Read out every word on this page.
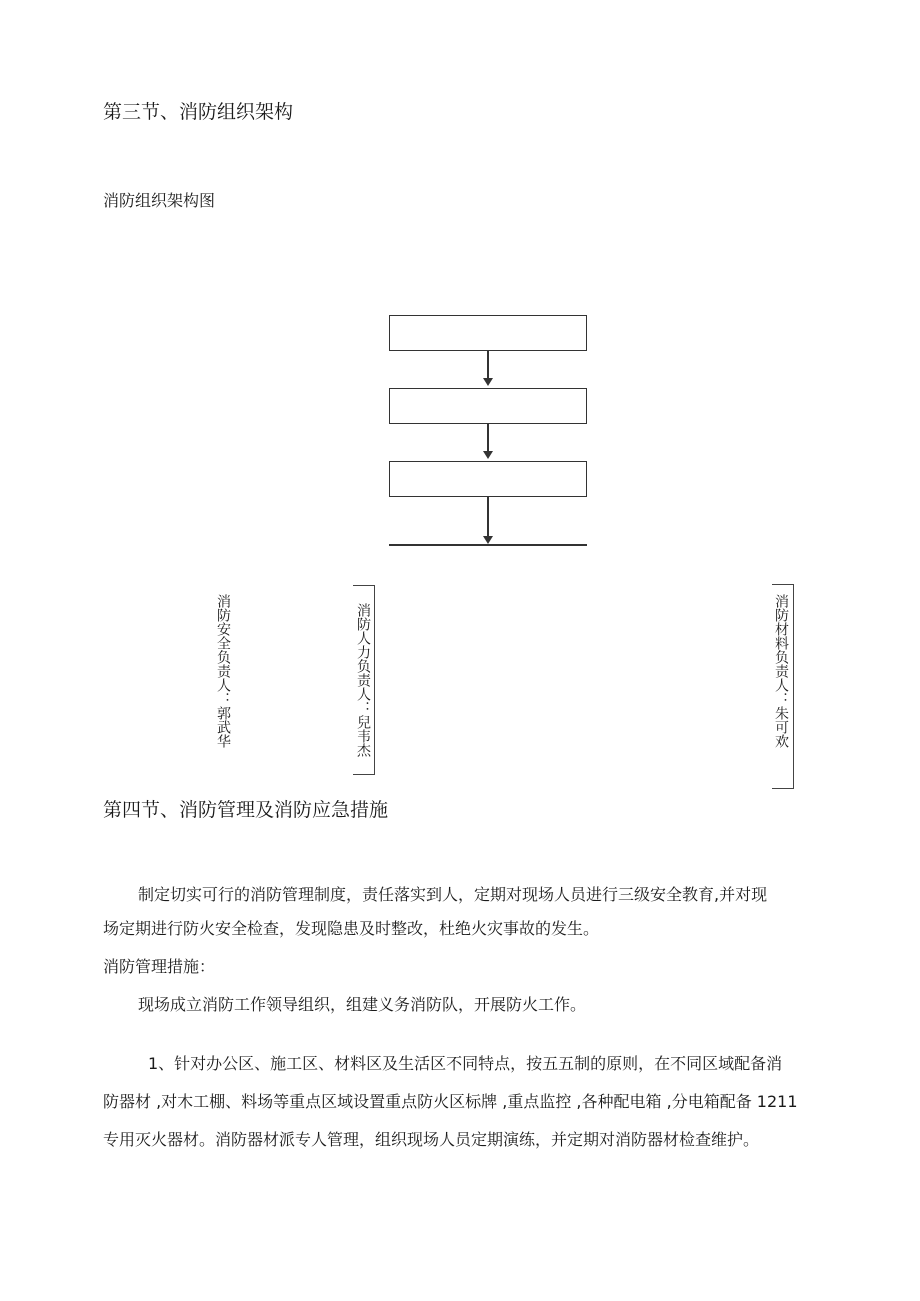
第三节、消防组织架构
消防组织架构图
消防安全负责人：郭武华	消防人力负责人：兒韦杰	消防材料负责人：朱可欢
第四节、消防管理及消防应急措施
制定切实可行的消防管理制度，责任落实到人，定期对现场人员进行三级安全教育,并对现
场定期进行防火安全检查，发现隐患及时整改，杜绝火灾事故的发生。
消防管理措施：
现场成立消防工作领导组织，组建义务消防队，开展防火工作。
1、针对办公区、施工区、材料区及生活区不同特点，按五五制的原则，在不同区域配备消
防器材 ,对木工棚、料场等重点区域设置重点防火区标牌 ,重点监控 ,各种配电箱 ,分电箱配备 1211
专用灭火器材。消防器材派专人管理，组织现场人员定期演练，并定期对消防器材检查维护。
